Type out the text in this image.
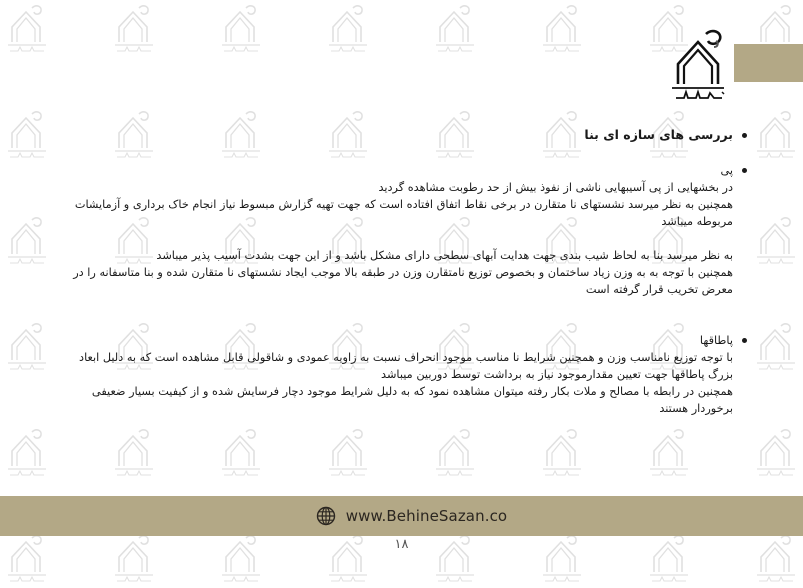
بررسی های سازه ای بنا
پی
در بخشهایی از پی آسیبهایی ناشی از نفوذ بیش از حد رطوبت مشاهده گردید
همچنین به نظر میرسد نشستهای نا متقارن در برخی نقاط اتفاق افتاده است که جهت تهیه گزارش مبسوط نیاز انجام خاک برداری و آزمایشات مربوطه میباشد
به نظر میرسد بنا به لحاظ شیب بندی جهت هدایت آبهای سطحی دارای مشکل باشد و از این جهت بشدت آسیب پذیر میباشد
همچنین با توجه به به وزن زیاد ساختمان و بخصوص توزیع نامتقارن وزن در طبقه بالا موجب ایجاد نشستهای نا متقارن شده و بنا متاسفانه را در معرض تخریب قرار گرفته است
پاطاقها
با توجه توزیع نامناسب وزن و همچنین شرایط نا مناسب موجود انحراف نسبت به زاویه عمودی و شاقولی قابل مشاهده است که به دلیل ابعاد بزرگ پاطاقها جهت تعیین مقدارموجود نیاز به برداشت توسط دوربین میباشد
همچنین در رابطه با مصالح و ملات بکار رفته میتوان مشاهده نمود که به دلیل شرایط موجود دچار فرسایش شده و از کیفیت بسیار ضعیفی برخوردار هستند
www.BehineSazan.co
۱۸
